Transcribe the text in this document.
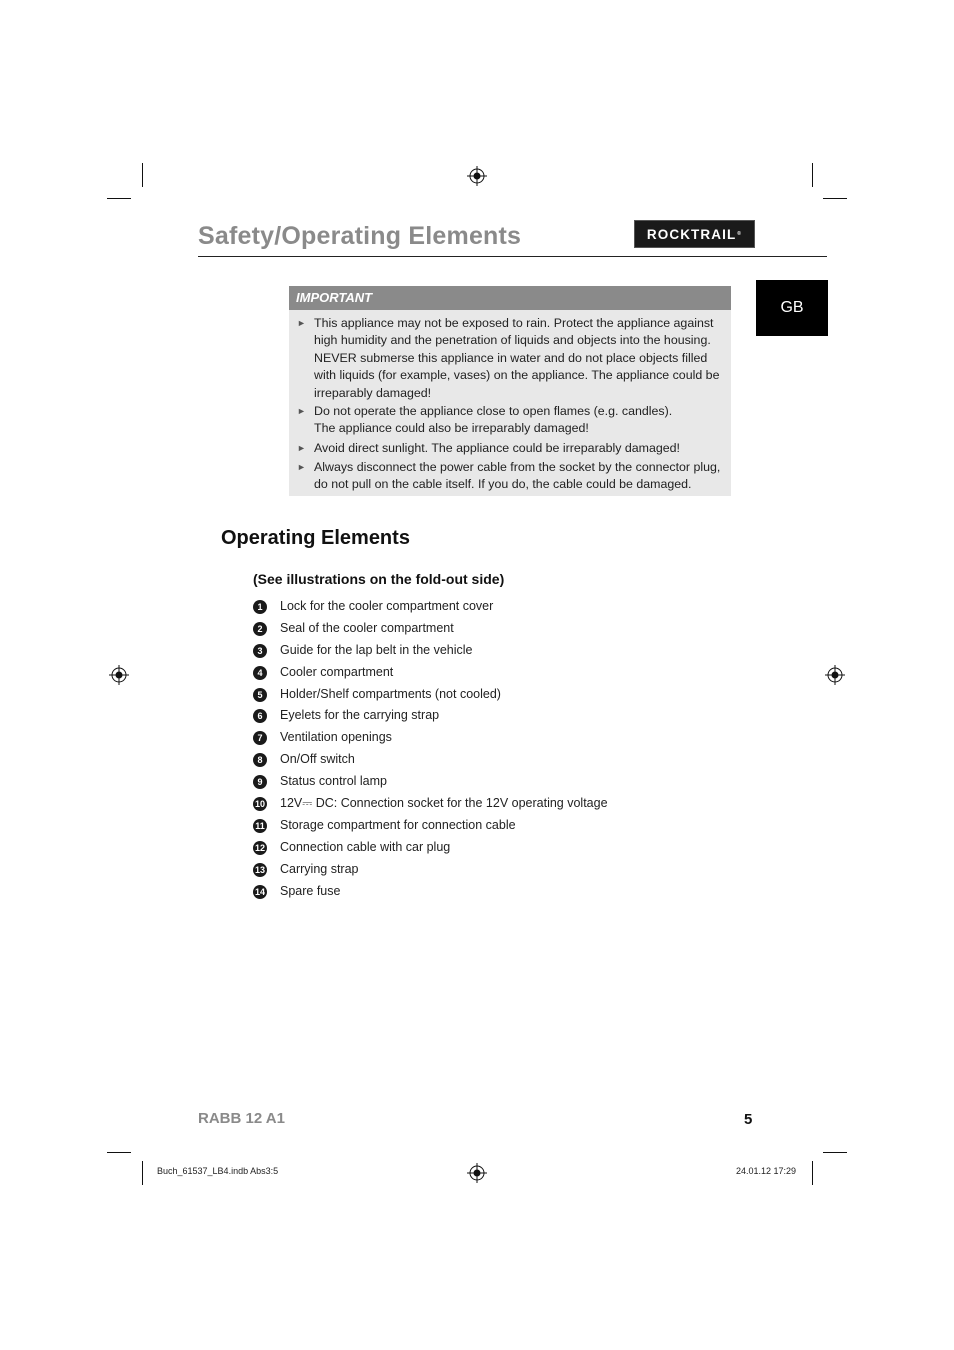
Safety/Operating Elements	ROCKTRAIL ®
GB
IMPORTANT
► This appliance may not be exposed to rain. Protect the appliance against
high humidity and the penetration of liquids and objects into the housing.
NEVER submerse this appliance in water and do not place objects filled
with liquids (for example, vases) on the appliance. The appliance could be
irreparably damaged!
► Do not operate the appliance close to open flames (e.g. candles).
The appliance could also be irreparably damaged!
► Avoid direct sunlight. The appliance could be irreparably damaged!
► Always disconnect the power cable from the socket by the connector plug,
do not pull on the cable itself. If you do, the cable could be damaged.
Operating Elements
(See illustrations on the fold-out side)
1	Lock for the cooler compartment cover
2	Seal of the cooler compartment
3	Guide for the lap belt in the vehicle
4	Cooler compartment
5	Holder/Shelf compartments (not cooled)
6	Eyelets for the carrying strap
7	Ventilation openings
8	On/Off switch
9	Status control lamp
10 12V⎓ DC: Connection socket for the 12V operating voltage
11 Storage compartment for connection cable
12 Connection cable with car plug
13 Carrying strap
14 Spare fuse
RABB 12 A1	5
Buch_61537_LB4.indb Abs3:5	24.01.12 17:29
